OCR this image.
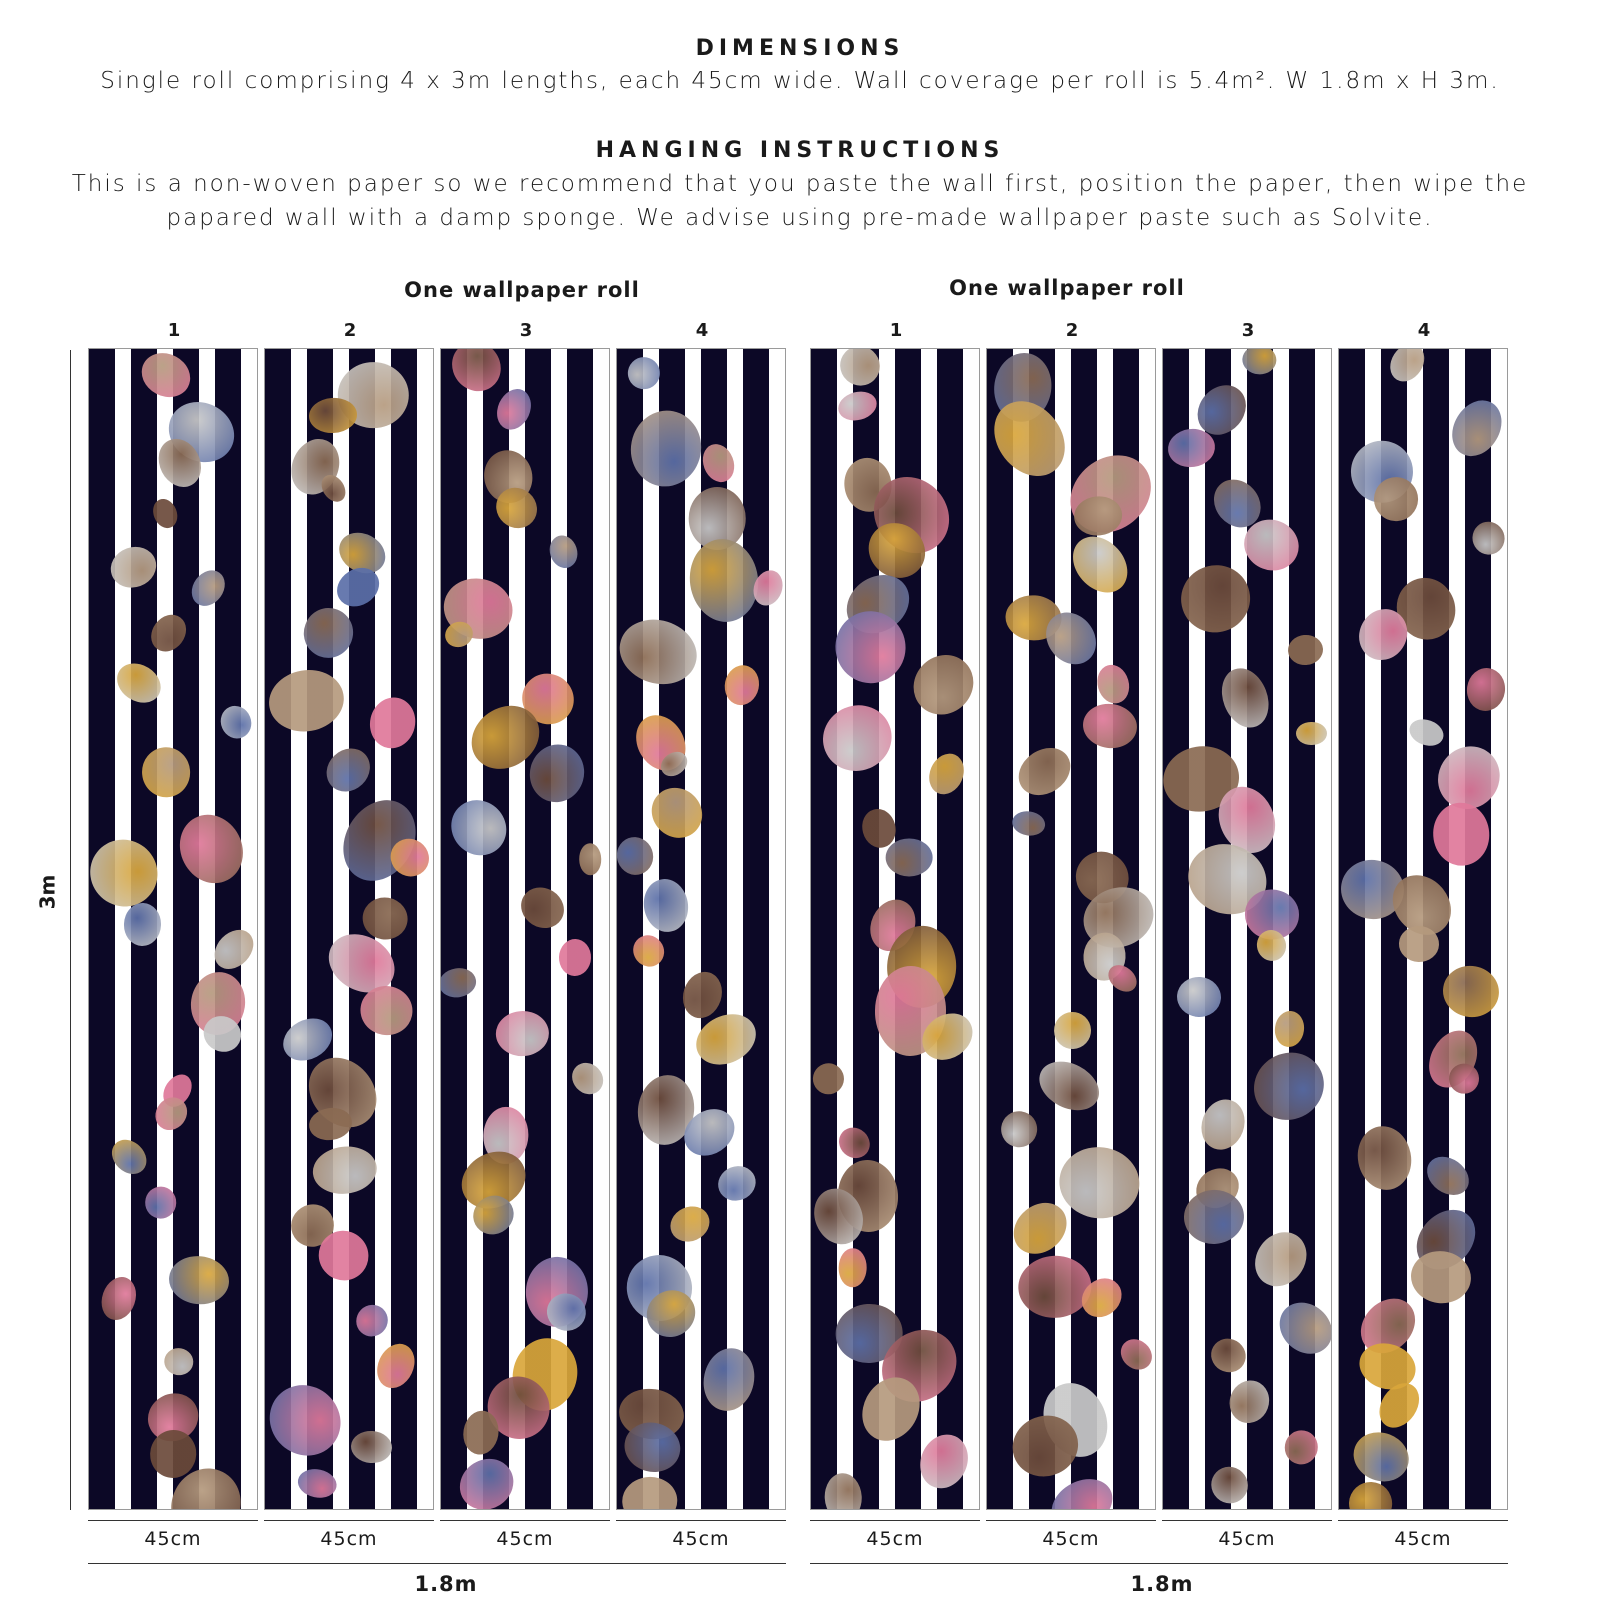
DIMENSIONS
Single roll comprising 4 x 3m lengths, each 45cm wide. Wall coverage per roll is 5.4m². W 1.8m x H 3m.
HANGING INSTRUCTIONS
This is a non-woven paper so we recommend that you paste the wall first, position the paper, then wipe the
papared wall with a damp sponge. We advise using pre-made wallpaper paste such as Solvite.
One wallpaper roll	One wallpaper roll
1	2	3	4	1	2	3	4
3m
45cm	45cm	45cm	45cm	45cm	45cm	45cm	45cm
1.8m	1.8m
